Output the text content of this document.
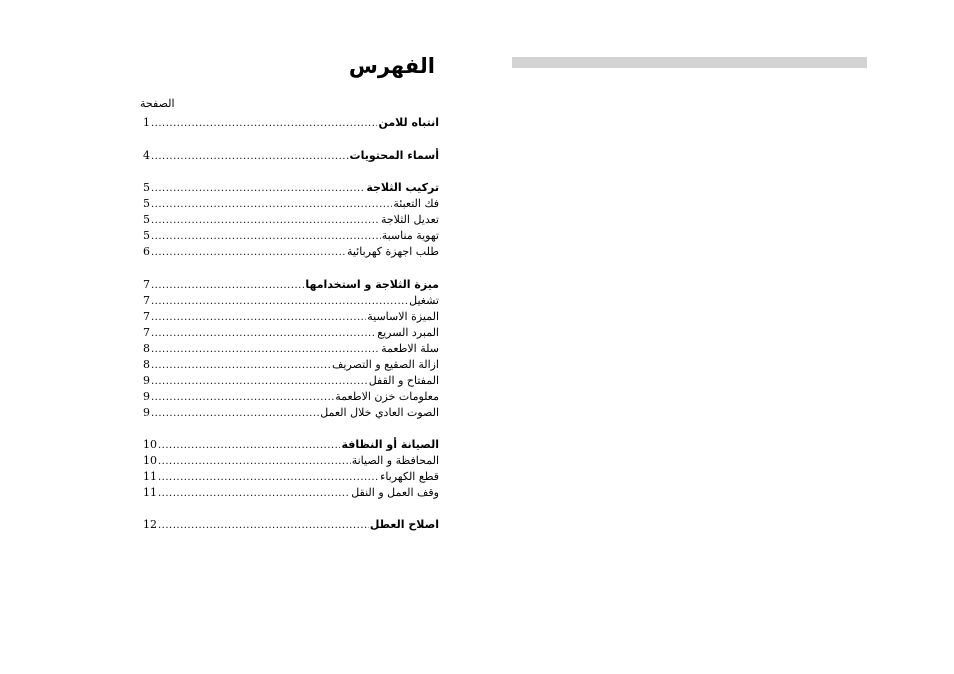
الفهرس
الصفحة
انتباه للامن
.....
1
أسماء المحتويات
.....
4
تركيب الثلاجة
.....
5
فك التعبئة
.....
5
تعديل الثلاجة
.....
5
تهوية مناسبة
.....
5
طلب اجهزة كهربائية
.....
6
ميزة الثلاجة و استخدامها
.....
7
تشغيل
.....
7
الميزة الاساسية
.....
7
المبرد السريع
.....
7
سلة الاطعمة
.....
8
ازالة الصقيع و التصريف
.....
8
المفتاح و القفل
.....
9
معلومات خزن الاطعمة
.....
9
الصوت العادي خلال العمل
.....
9
الصيانة أو النظافة
.....
10
المحافظة و الصيانة
.....
10
قطع الكهرباء
.....
11
وقف العمل و النقل
.....
11
اصلاح العطل
.....
12
